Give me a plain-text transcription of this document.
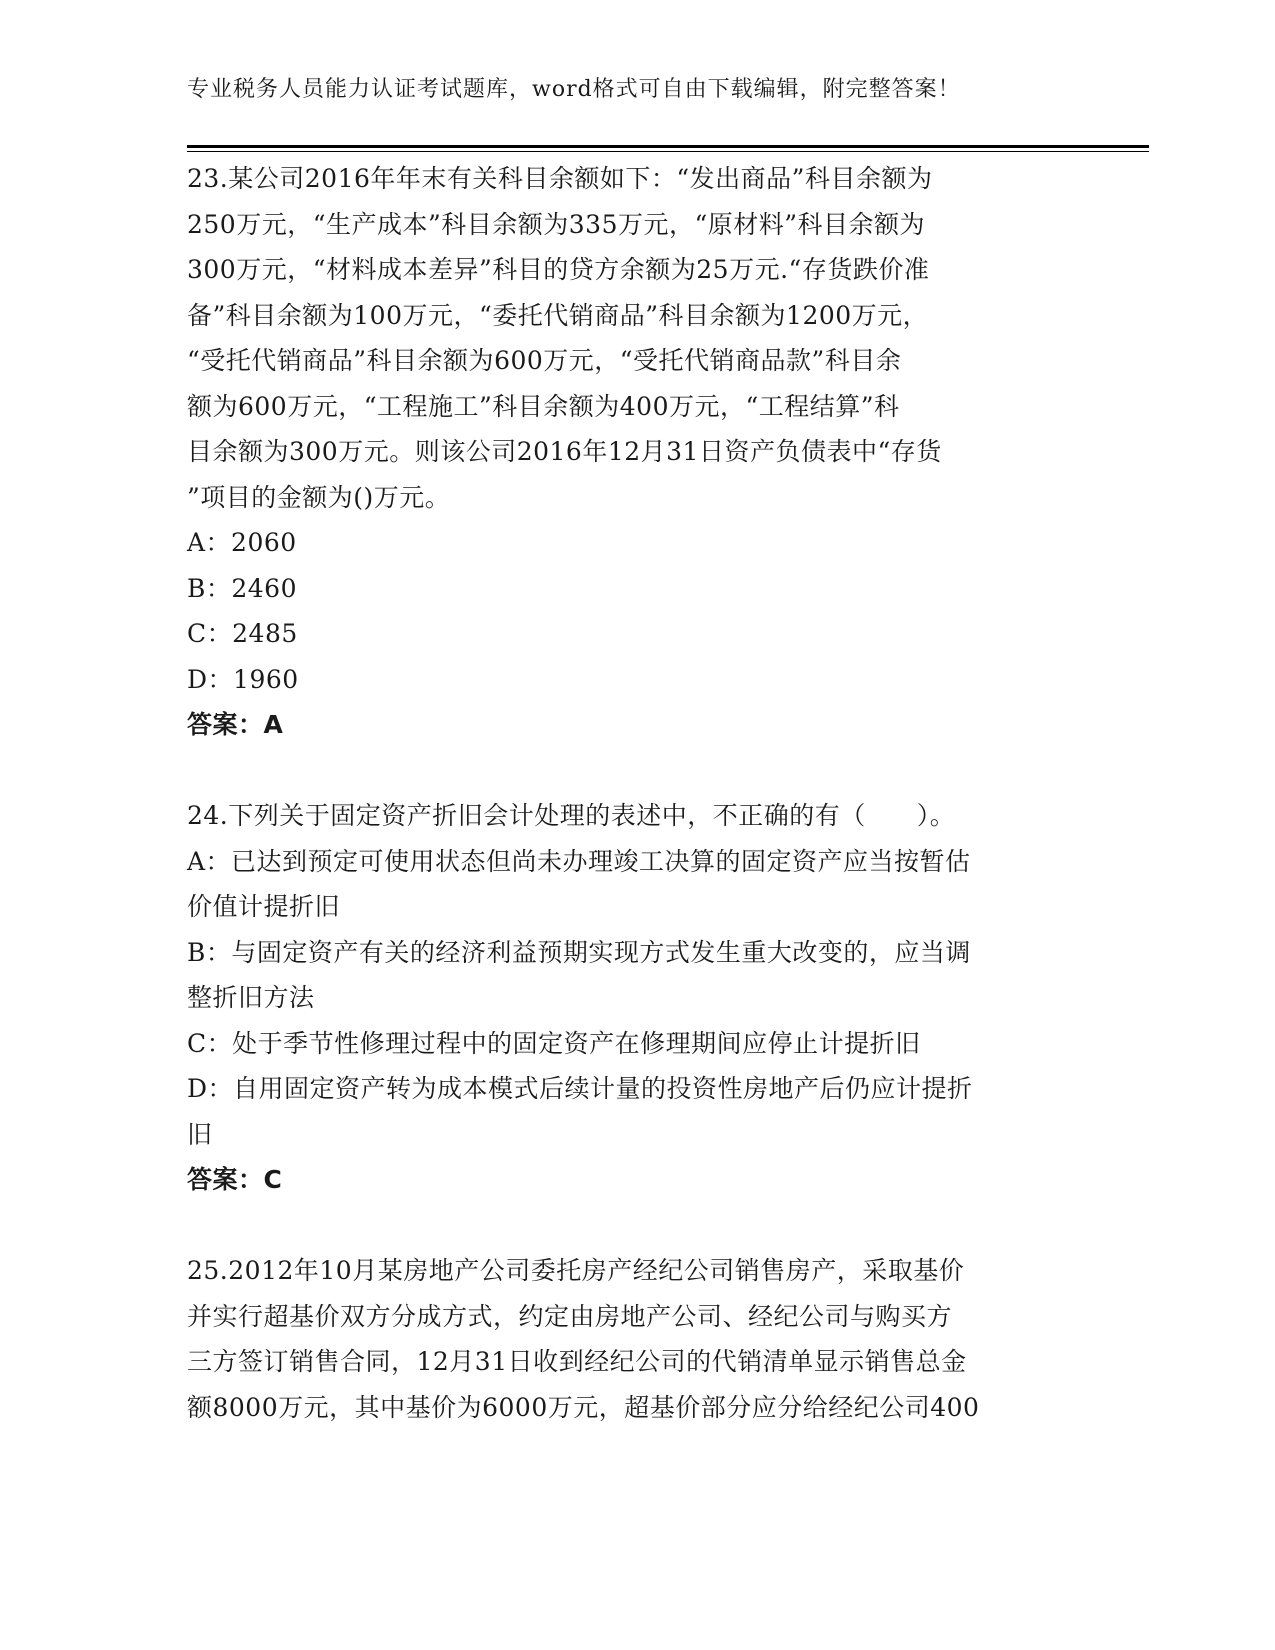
专业税务人员能力认证考试题库，word格式可自由下载编辑，附完整答案！
23.某公司2016年年末有关科目余额如下：“发出商品”科目余额为
250万元，“生产成本”科目余额为335万元，“原材料”科目余额为
300万元，“材料成本差异”科目的贷方余额为25万元.“存货跌价准
备”科目余额为100万元，“委托代销商品”科目余额为1200万元，
“受托代销商品”科目余额为600万元，“受托代销商品款”科目余
额为600万元，“工程施工”科目余额为400万元，“工程结算”科
目余额为300万元。则该公司2016年12月31日资产负债表中“存货
”项目的金额为()万元。
A：2060
B：2460
C：2485
D：1960
答案：A
24.下列关于固定资产折旧会计处理的表述中，不正确的有（　　）。
A：已达到预定可使用状态但尚未办理竣工决算的固定资产应当按暂估
价值计提折旧
B：与固定资产有关的经济利益预期实现方式发生重大改变的，应当调
整折旧方法
C：处于季节性修理过程中的固定资产在修理期间应停止计提折旧
D：自用固定资产转为成本模式后续计量的投资性房地产后仍应计提折
旧
答案：C
25.2012年10月某房地产公司委托房产经纪公司销售房产，采取基价
并实行超基价双方分成方式，约定由房地产公司、经纪公司与购买方
三方签订销售合同，12月31日收到经纪公司的代销清单显示销售总金
额8000万元，其中基价为6000万元，超基价部分应分给经纪公司400
